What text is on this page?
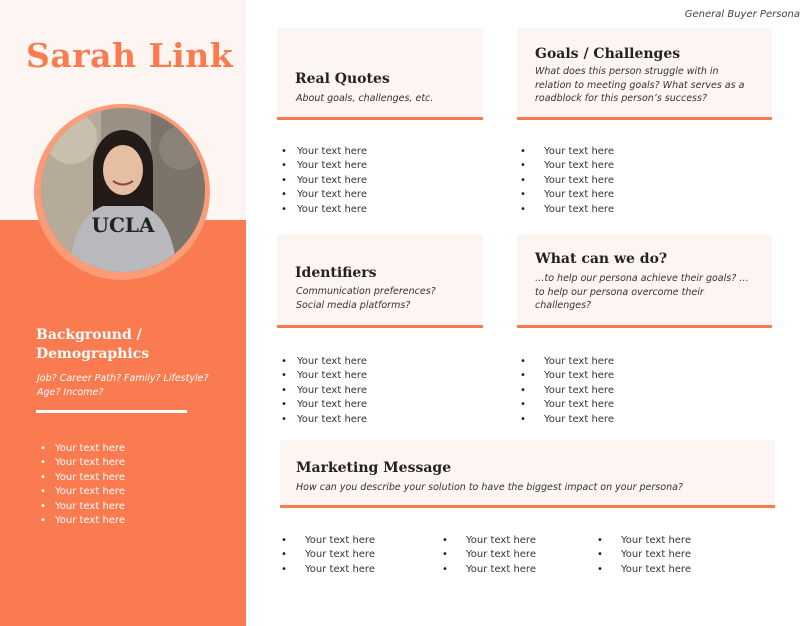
General Buyer Persona
Sarah Link
UCLA
Background / Demographics
Job? Career Path? Family? Lifestyle? Age? Income?
• Your text here
• Your text here
• Your text here
• Your text here
• Your text here
• Your text here
Real Quotes
About goals, challenges, etc.
• Your text here
• Your text here
• Your text here
• Your text here
• Your text here
Goals / Challenges
What does this person struggle with in relation to meeting goals? What serves as a roadblock for this person’s success?
• Your text here
• Your text here
• Your text here
• Your text here
• Your text here
Identifiers
Communication preferences? Social media platforms?
• Your text here
• Your text here
• Your text here
• Your text here
• Your text here
What can we do?
…to help our persona achieve their goals? …to help our persona overcome their challenges?
• Your text here
• Your text here
• Your text here
• Your text here
• Your text here
Marketing Message
How can you describe your solution to have the biggest impact on your persona?
• Your text here
• Your text here
• Your text here
• Your text here
• Your text here
• Your text here
• Your text here
• Your text here
• Your text here
